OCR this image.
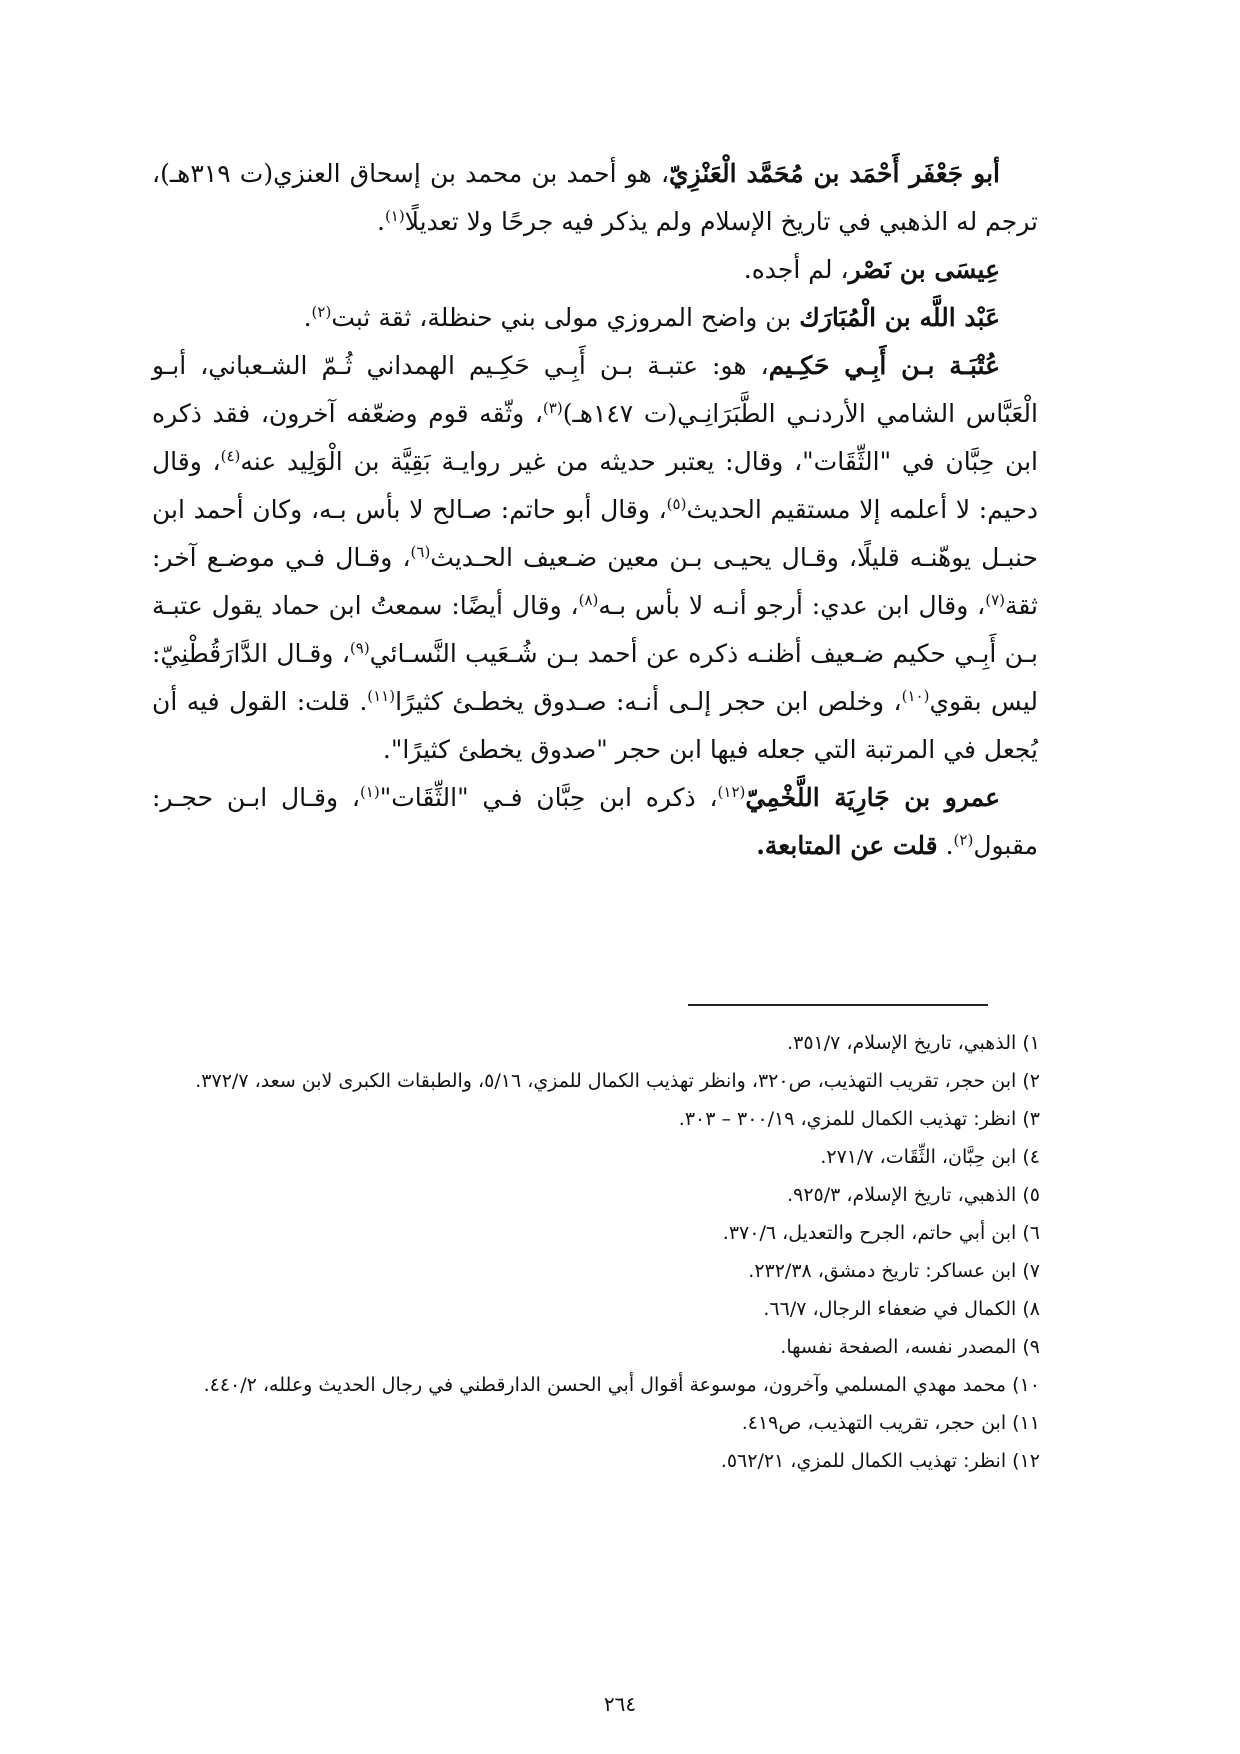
أبو جَعْفَر أَحْمَد بن مُحَمَّد الْعَنْزِيّ، هو أحمد بن محمد بن إسحاق العنزي(ت ٣١٩هـ)، ترجم له الذهبي في تاريخ الإسلام ولم يذكر فيه جرحًا ولا تعديلًا$^{(١)}$.

عِيسَى بن نَصْر، لم أجده.

عَبْد اللَّه بن الْمُبَارَك بن واضح المروزي مولى بني حنظلة، ثقة ثبت$^{(٢)}$.

عُتْبَـة بـن أَبِـي حَكِـيم، هو: عتبـة بـن أَبِـي حَكِـيم الهمداني ثُـمّ الشـعباني، أبـو الْعَبَّاس الشامي الأردنـي الطَّبَرَانِـي(ت ١٤٧هـ)$^{(٣)}$، وثّقه قوم وضعّفه آخرون، فقد ذكره ابن حِبَّان في "الثِّقَات"، وقال: يعتبر حديثه من غير روايـة بَقِيَّة بن الْوَلِيد عنه$^{(٤)}$، وقال دحيم: لا أعلمه إلا مستقيم الحديث$^{(٥)}$، وقال أبو حاتم: صـالح لا بأس بـه، وكان أحمد ابن حنبـل يوهّنـه قليلًا، وقـال يحيـى بـن معين ضـعيف الحـديث$^{(٦)}$، وقـال فـي موضـع آخر: ثقة$^{(٧)}$، وقال ابن عدي: أرجو أنـه لا بأس بـه$^{(٨)}$، وقال أيضًا: سمعتُ ابن حماد يقول عتبـة بـن أَبِـي حكيم ضـعيف أظنـه ذكره عن أحمد بـن شُـعَيب النَّسـائي$^{(٩)}$، وقـال الدَّارَقُطْنِيّ: ليس بقوي$^{(١٠)}$، وخلص ابن حجر إلـى أنـه: صـدوق يخطـئ كثيرًا$^{(١١)}$. قلت: القول فيه أن يُجعل في المرتبة التي جعله فيها ابن حجر "صدوق يخطئ كثيرًا".

عمرو بن جَارِيَة اللَّخْمِيّ$^{(١٢)}$، ذكره ابن حِبَّان فـي "الثِّقَات"$^{(١)}$، وقـال ابـن حجـر: مقبول$^{(٢)}$. قلت عن المتابعة.

١) الذهبي، تاريخ الإسلام، ٣٥١/٧.

٢) ابن حجر، تقريب التهذيب، ص٣٢٠، وانظر تهذيب الكمال للمزي، ٥/١٦، والطبقات الكبرى لابن سعد، ٣٧٢/٧.

٣) انظر: تهذيب الكمال للمزي، ٣٠٠/١٩ – ٣٠٣.

٤) ابن حِبَّان، الثِّقَات، ٢٧١/٧.

٥) الذهبي، تاريخ الإسلام، ٩٢٥/٣.

٦) ابن أبي حاتم، الجرح والتعديل، ٣٧٠/٦.

٧) ابن عساكر: تاريخ دمشق، ٢٣٢/٣٨.

٨) الكمال في ضعفاء الرجال، ٦٦/٧.

٩) المصدر نفسه، الصفحة نفسها.

١٠) محمد مهدي المسلمي وآخرون، موسوعة أقوال أبي الحسن الدارقطني في رجال الحديث وعلله، ٤٤٠/٢.

١١) ابن حجر، تقريب التهذيب، ص٤١٩.

١٢) انظر: تهذيب الكمال للمزي، ٥٦٢/٢١.

٢٦٤
